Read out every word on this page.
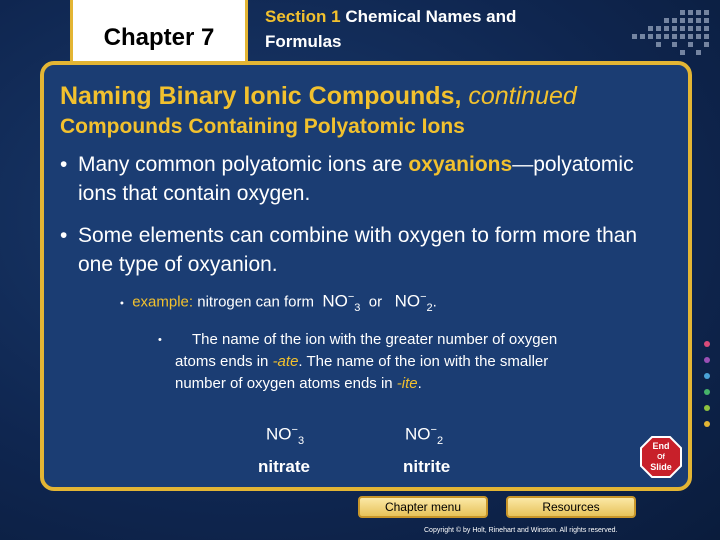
Chapter 7
Section 1 Chemical Names and
Formulas
Naming Binary Ionic Compounds, continued
Compounds Containing Polyatomic Ions
• Many common polyatomic ions are oxyanions—polyatomic ions that contain oxygen.
• Some elements can combine with oxygen to form more than one type of oxyanion.
• example: nitrogen can form $NO^-_3$ or $NO^-_2$.
• The name of the ion with the greater number of oxygen
atoms ends in -ate. The name of the ion with the smaller
number of oxygen atoms ends in -ite.
$NO^-_3$	$NO^-_2$
nitrate	nitrite
End
Of
Slide
Chapter menu	Resources
Copyright © by Holt, Rinehart and Winston. All rights reserved.
